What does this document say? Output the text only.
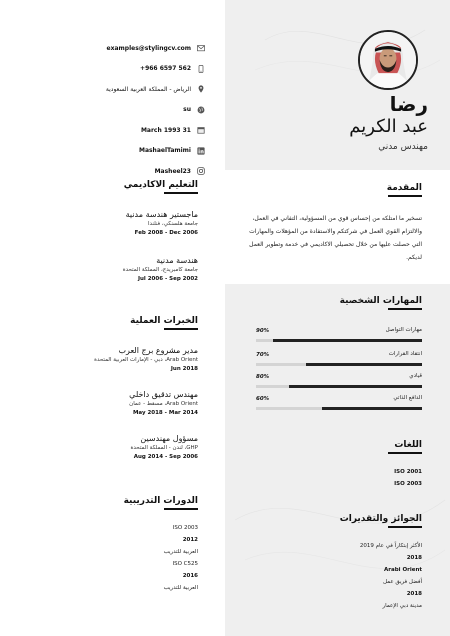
examples@stylingcv.com
+966 6597 562
الرياض - المملكة العربية السعودية
su
March 1993 31
MashaelTamimi
Masheel23
رضا
عبد الكريم
مهندس مدني
المقدمة
تسخير ما امتلكه من إحساس قوي من المسؤولية، التفاني في العمل، والالتزام القوي العمل في شركتكم والاستفادة من المؤهلات والمهارات التي حصلت عليها من خلال تحصيلي الاكاديمي في خدمة وتطوير العمل لديكم.
المهارات الشخصية
مهارات التواصل
90%
انتقاد القرارات
70%
قيادي
80%
الدافع الذاتي
60%
اللغات
ISO 2001
ISO 2003
الجوائز والتقديرات
الأكثر إبتكاراً في عام 2019
2018
Arabi Orient
أفضل فريق عمل
2018
مدينة دبي الإعمار
التعليم الاكاديمي
ماجستير هندسة مدنية
جامعة هلسنكي، فنلندا
Feb 2008 - Dec 2006
هندسة مدنية
جامعة كامبريدج، المملكة المتحدة
Jul 2006 - Sep 2002
الخبرات العملية
مدير مشروع برج العرب
Arab Orient، دبي - الإمارات العربية المتحدة
Jun 2018
مهندس تدقيق داخلي
Arab Orient، مسقط - عمان
May 2018 - Mar 2014
مسؤول مهندسين
GHP، لندن - المملكة المتحدة
Aug 2014 - Sep 2006
الدورات التدريبية
ISO 2003
2012
العربية للتدريب
ISO C525
2016
العربية للتدريب
